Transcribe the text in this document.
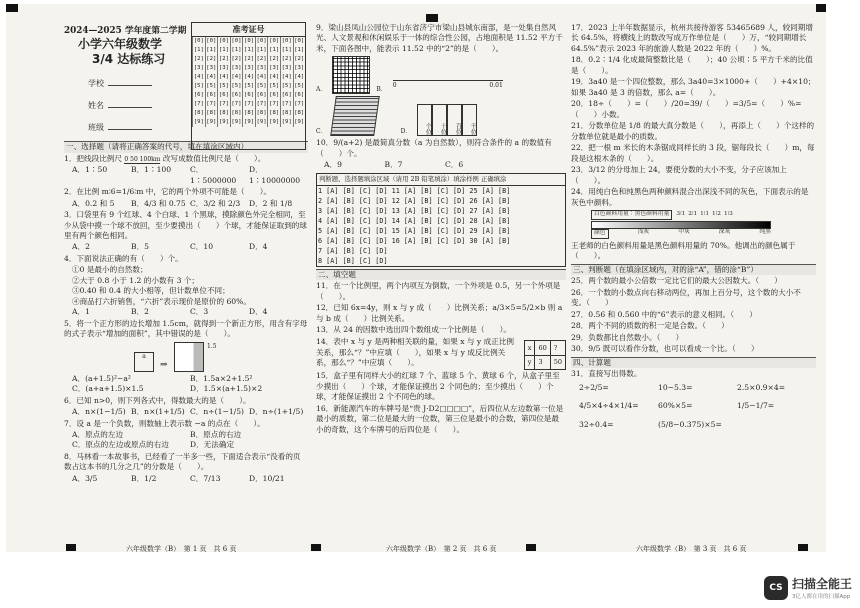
2024—2025 学年度第二学期
小学六年级数学
3/4 达标练习
学校
姓名
班级
准考证号
[0]	[0]	[0]	[0]	[0]	[0]	[0]	[0]	[0]
[1]	[1]	[1]	[1]	[1]	[1]	[1]	[1]	[1]
[2]	[2]	[2]	[2]	[2]	[2]	[2]	[2]	[2]
[3]	[3]	[3]	[3]	[3]	[3]	[3]	[3]	[3]
[4]	[4]	[4]	[4]	[4]	[4]	[4]	[4]	[4]
[5]	[5]	[5]	[5]	[5]	[5]	[5]	[5]	[5]
[6]	[6]	[6]	[6]	[6]	[6]	[6]	[6]	[6]
[7]	[7]	[7]	[7]	[7]	[7]	[7]	[7]	[7]
[8]	[8]	[8]	[8]	[8]	[8]	[8]	[8]	[8]
[9]	[9]	[9]	[9]	[9]	[9]	[9]	[9]	[9]
一、选择题（请将正确答案的代号，填在填涂区域内）
1．把线段比例尺 0 50 100km 改写成数值比例尺是（　　）。
A．1∶50	B．1∶100	C．1∶5000000
D．1∶10000000
2．在比例 m∶6=1/6∶m 中，它的两个外项不可能是（　　）。
A．0.2 和 5	B．4/3 和 0.75 C．3/2 和 2/3	D．2 和 1/8
3．口袋里有 9 个红球、4 个白球、1 个黑球，摸除颜色外完全相同，至少从袋中摸一个球不放回，至少要摸出（　　）个球，才能保证取到的球里有两个颜色相同。
A．2	B．5	C．10	D．4
4．下面说法正确的有（　　）个。
①0 是最小的自然数；
②大于 0.8 小于 1.2 的小数有 3 个；
③0.40 和 0.4 的大小相等，但计数单位不同；
④商品打六折销售，“六折”表示现价是原价的 60%。
A．1	B．2	C．3	D．4
5．将一个正方形的边长增加 1.5cm，就得到一个新正方形，用含有字母的式子表示“增加的面积”，其中错误的是（　　）。
a
⇒
1.5
A．(a+1.5)²−a²	B．1.5a×2+1.5²
C．(a+a+1.5)×1.5	D．1.5×(a+1.5)×2
6．已知 n>0，则下列各式中，得数最大的是（　　）。
A．n×(1−1/5) B．n×(1+1/5) C．n÷(1−1/5) D．n÷(1+1/5)
7．设 a 是一个负数，则数轴上表示数 −a 的点在（　　）。
A．原点的左边	B．原点的右边
C．原点的左边或原点的右边	D．无法确定
8．马林看一本故事书，已经看了一半多一些，下面适合表示“没看的页数占这本书的几分之几”的分数是（　　）。
A．3/5	B．1/2	C．7/13	D．10/21
9．梁山县凤山公园位于山东省济宁市梁山县城东南部，是一处集自然风光、人文景观和休闲娱乐于一体的综合性公园，占地面积是 11.52 平方千米，下面各图中，能表示 11.52 中的“2”的是（　　）。
A．	B．
0	0.01
C．	D．	个位	十位	百位	千位
10．9/(a+2) 是最简真分数（a 为自然数），则符合条件的 a 的数值有（　　）个。
A．9	B．7	C．6
判断题、选择题填涂区域（请用 2B 铅笔填涂）填涂样例 正确填涂
1 [A] [B] [C] [D] 11 [A] [B] [C] [D] 25 [A] [B]
2 [A] [B] [C] [D] 12 [A] [B] [C] [D] 26 [A] [B]
3 [A] [B] [C] [D] 13 [A] [B] [C] [D] 27 [A] [B]
4 [A] [B] [C] [D] 14 [A] [B] [C] [D] 28 [A] [B]
5 [A] [B] [C] [D] 15 [A] [B] [C] [D] 29 [A] [B]
6 [A] [B] [C] [D] 16 [A] [B] [C] [D] 30 [A] [B]
7 [A] [B] [C] [D]
8 [A] [B] [C] [D]
二、填空题
11．在一个比例里，两个内项互为倒数，一个外项是 0.5，另一个外项是（　　）。
12．已知 6x=4y，则 x 与 y 成（　　）比例关系；a/3×5=5/2×b 则 a 与 b 成（　　）比例关系。
13．从 24 的因数中选出四个数组成一个比例是（　　）。
14．表中 x 与 y 是两种相关联的量，如果 x 与 y 成正比例关系，那么“？”中应填（　　），如果 x 与 y 成反比例关系，那么“？”中应填（　　）。
x	60	?
y	3	50
15．盒子里有同样大小的红球 7 个、蓝球 5 个、黄球 6 个，从盒子里至少摸出（　　）个球，才能保证摸出 2 个同色的；至少摸出（　　）个球，才能保证摸出 2 个不同色的球。
16．新能源汽车的车牌号是“贵 J·D2□□□□”，后四位从左边数第一位是最小的质数，第二位是最大的一位数，第三位是最小的合数，第四位是最小的奇数，这个车牌号的后四位是（　　）。
17．2023 上半年数据显示，杭州共接待游客 53465689 人，较同期增长 64.5%，将横线上的数改写成万作单位是（　　）万，“较同期增长 64.5%”表示 2023 年的旅游人数是 2022 年的（　　）%。
18．0.2∶1/4 化成最简整数比是（　　）；40 公顷∶5 平方千米的比值是（　　）。
19．3a40 是一个四位整数，那么 3a40=3×1000+（　　）+4×10；如果 3a40 是 3 的倍数，那么 a=（　　）。
20．18÷（　　）=（　　）/20=39/（　　）=3/5=（　　）%=（　　）小数。
21．分数单位是 1/8 的最大真分数是（　　），再添上（　　）个这样的分数单位就是最小的质数。
22．把一根 m 米长的木条锯成同样长的 3 段，锯每段长（　　）m，每段是这根木条的（　　）。
23．3/12 的分母加上 24，要使分数的大小不变，分子应该加上（　　）。
24．用纯白色和纯黑色两种颜料混合出深浅不同的灰色，下面表示的是灰色中颜料。
白色颜料用量∶黑色颜料用量	3∶1 2∶1 1∶1 1∶2 1∶3
颜色	浅灰	中灰	深灰	纯黑
王老师的白色颜料用量是黑色颜料用量的 70%。他调出的颜色属于（　　）。
三、判断题（在填涂区域内，对的涂“A”，错的涂“B”）
25．两个数的最小公倍数一定比它们的最大公因数大。（　　）
26．一个数的小数点向右移动两位，再加上百分号，这个数的大小不变。（　　）
27．0.56 和 0.560 中的“6”表示的意义相同。（　　）
28．两个不同的质数的积一定是合数。（　　）
29．负数都比自然数小。（　　）
30．9/5 既可以看作分数，也可以看成一个比。（　　）
四、计算题
31．直接写出得数。
2÷2/5=	10−5.3=	2.5×0.9×4=
4/5×4÷4×1/4=	60%×5=	1/5−1/7=
32÷0.4=	(5/8−0.375)×5=
六年级数学（B）　第 1 页　共 6 页	六年级数学（B）　第 2 页　共 6 页	六年级数学（B）　第 3 页　共 6 页
CS 扫描全能王
3亿人都在用的扫描App
